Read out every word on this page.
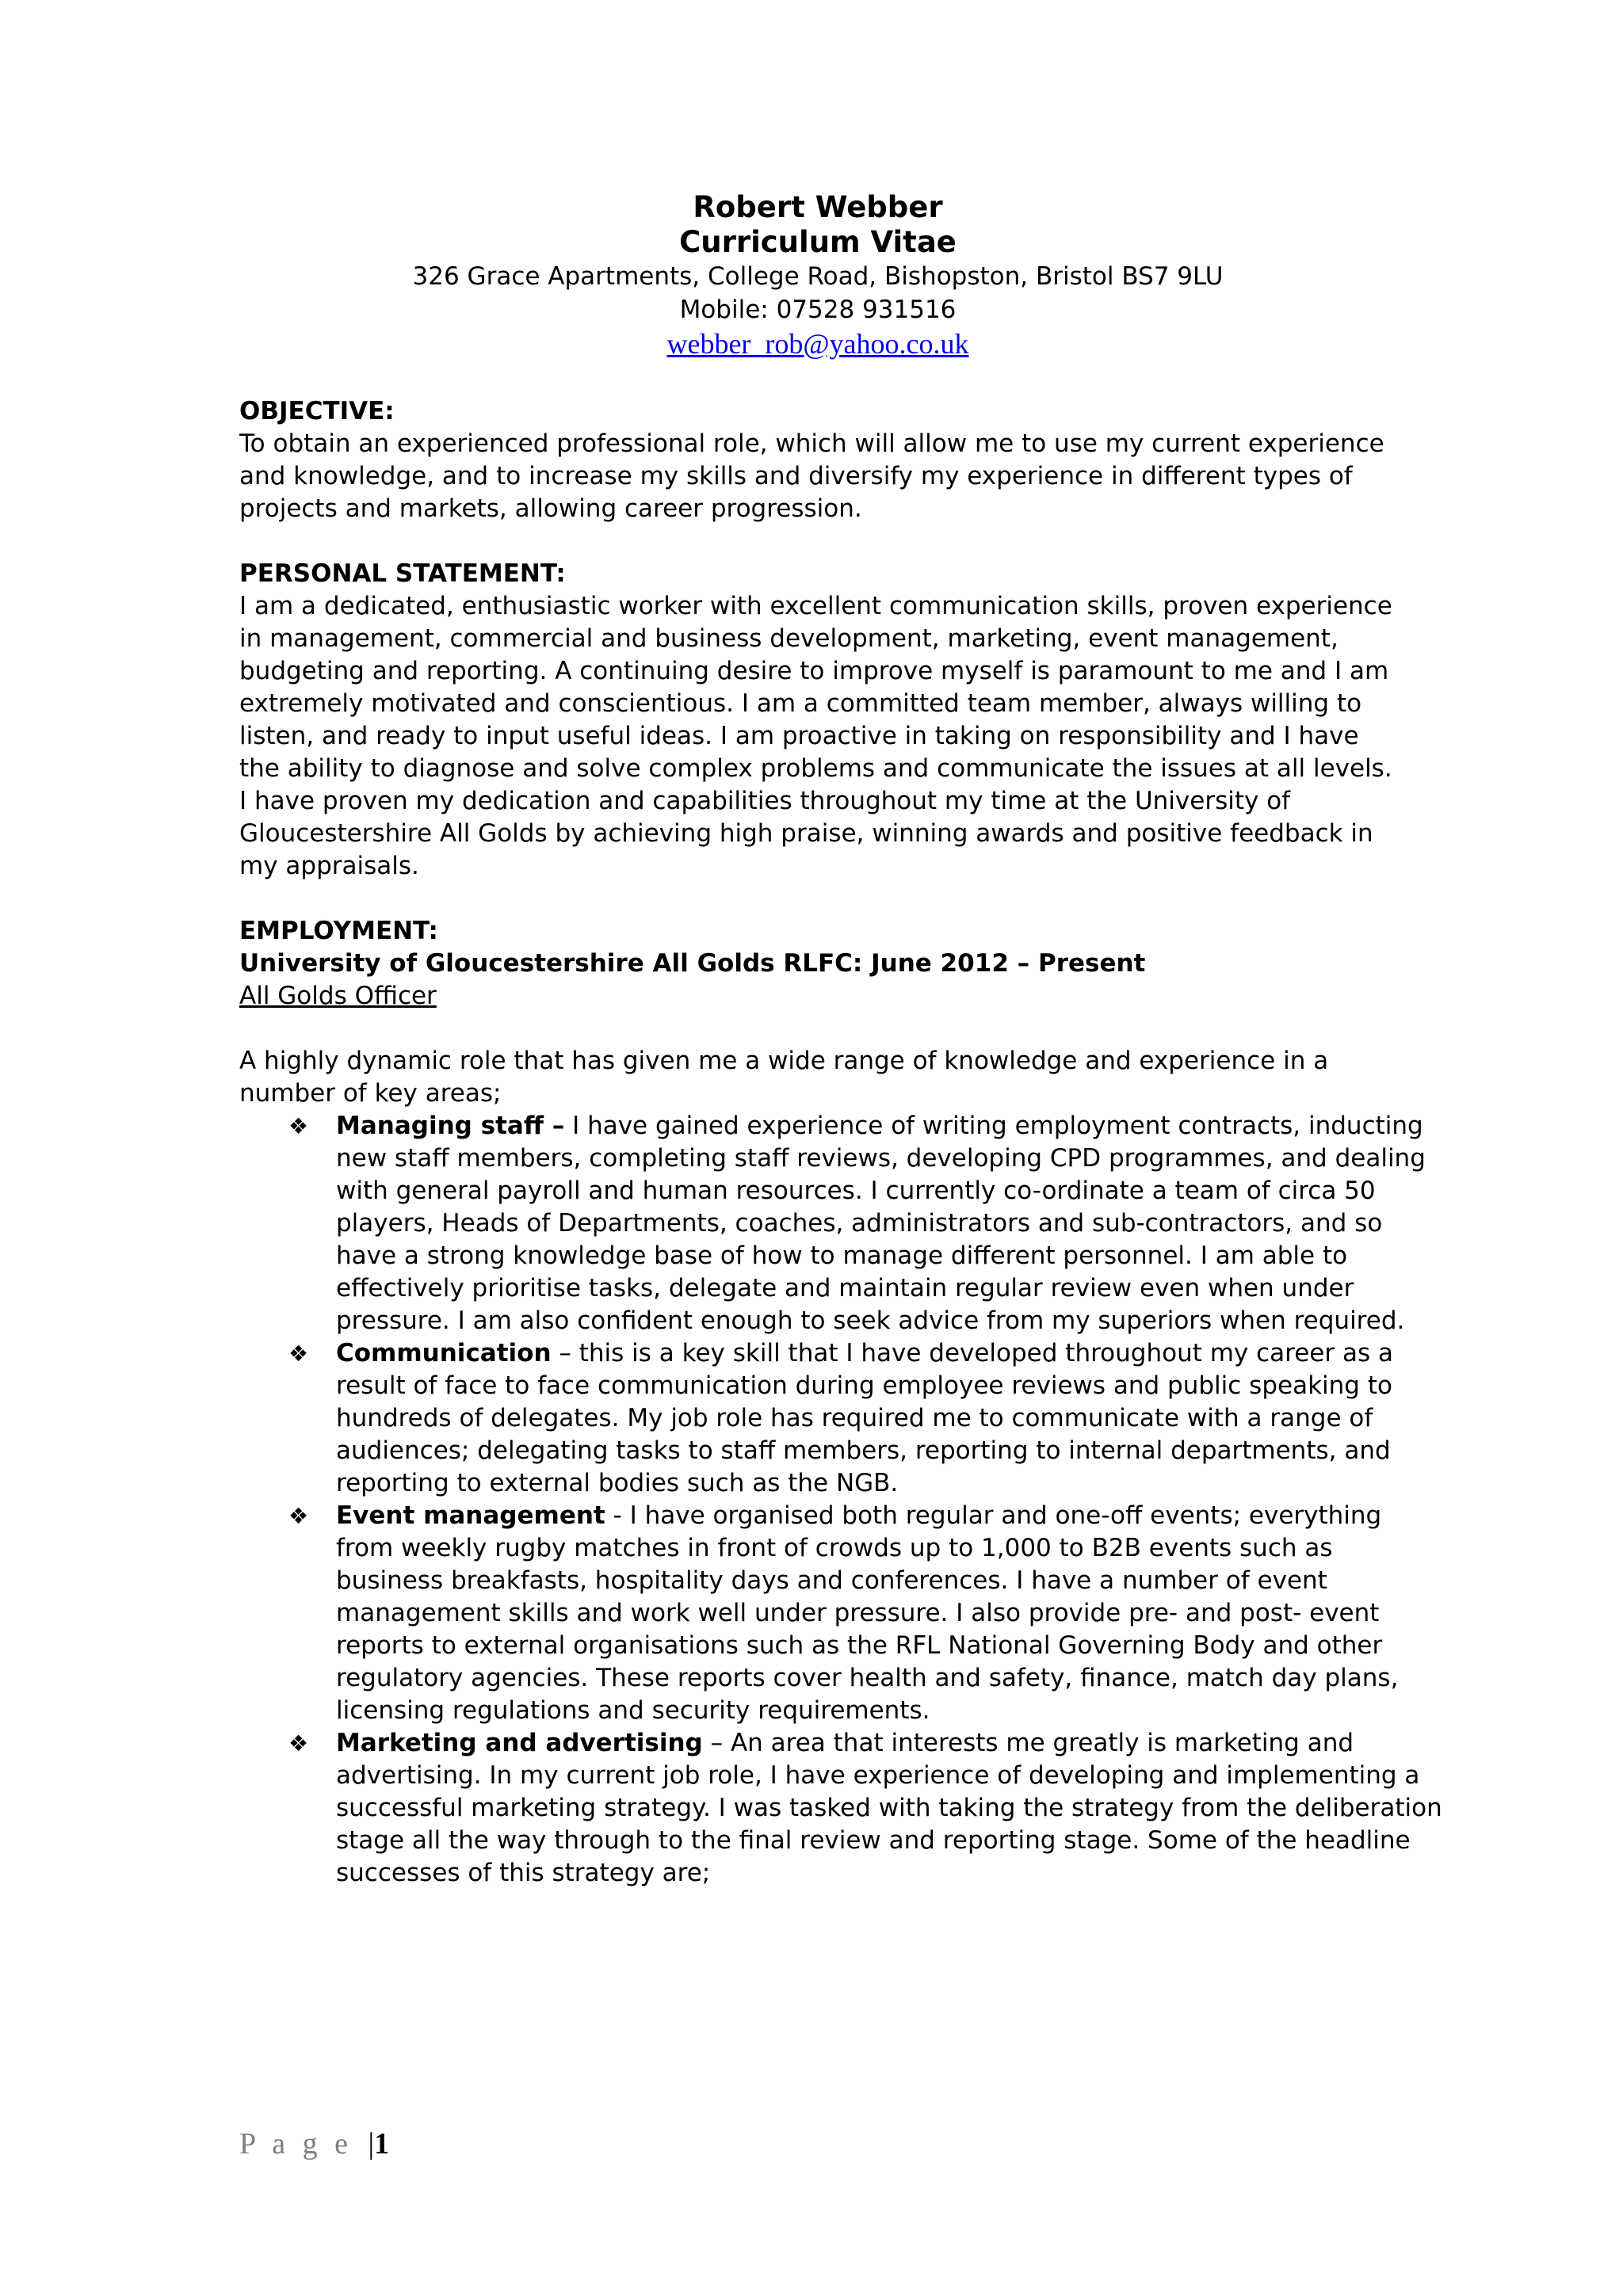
Robert Webber
Curriculum Vitae
326 Grace Apartments, College Road, Bishopston, Bristol BS7 9LU
Mobile: 07528 931516
webber_rob@yahoo.co.uk
OBJECTIVE:
To obtain an experienced professional role, which will allow me to use my current experience and knowledge, and to increase my skills and diversify my experience in different types of projects and markets, allowing career progression.
PERSONAL STATEMENT:
I am a dedicated, enthusiastic worker with excellent communication skills, proven experience in management, commercial and business development, marketing, event management, budgeting and reporting. A continuing desire to improve myself is paramount to me and I am extremely motivated and conscientious. I am a committed team member, always willing to listen, and ready to input useful ideas. I am proactive in taking on responsibility and I have the ability to diagnose and solve complex problems and communicate the issues at all levels. I have proven my dedication and capabilities throughout my time at the University of Gloucestershire All Golds by achieving high praise, winning awards and positive feedback in my appraisals.
EMPLOYMENT:
University of Gloucestershire All Golds RLFC: June 2012 – Present
All Golds Officer
A highly dynamic role that has given me a wide range of knowledge and experience in a number of key areas;
❖ Managing staff – I have gained experience of writing employment contracts, inducting new staff members, completing staff reviews, developing CPD programmes, and dealing with general payroll and human resources. I currently co-ordinate a team of circa 50 players, Heads of Departments, coaches, administrators and sub-contractors, and so have a strong knowledge base of how to manage different personnel. I am able to effectively prioritise tasks, delegate and maintain regular review even when under pressure. I am also confident enough to seek advice from my superiors when required.
❖ Communication – this is a key skill that I have developed throughout my career as a result of face to face communication during employee reviews and public speaking to hundreds of delegates. My job role has required me to communicate with a range of audiences; delegating tasks to staff members, reporting to internal departments, and reporting to external bodies such as the NGB.
❖ Event management - I have organised both regular and one-off events; everything from weekly rugby matches in front of crowds up to 1,000 to B2B events such as business breakfasts, hospitality days and conferences. I have a number of event management skills and work well under pressure. I also provide pre- and post- event reports to external organisations such as the RFL National Governing Body and other regulatory agencies. These reports cover health and safety, finance, match day plans, licensing regulations and security requirements.
❖ Marketing and advertising – An area that interests me greatly is marketing and advertising. In my current job role, I have experience of developing and implementing a successful marketing strategy. I was tasked with taking the strategy from the deliberation stage all the way through to the final review and reporting stage. Some of the headline successes of this strategy are;
P a g e |1
